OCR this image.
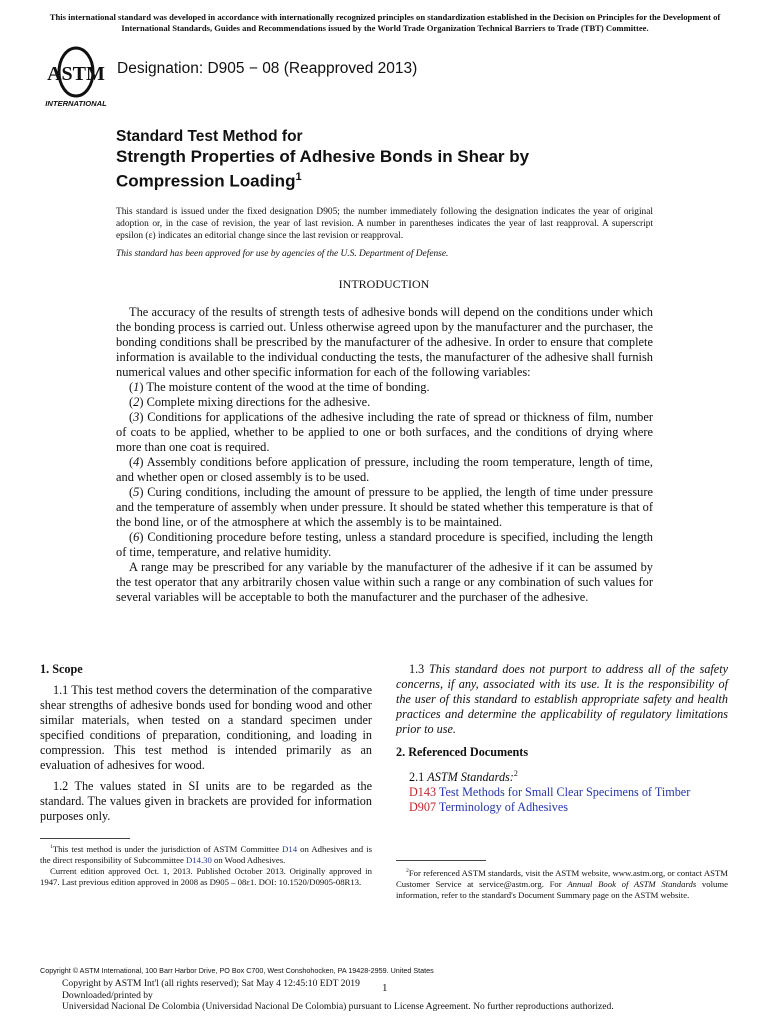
This international standard was developed in accordance with internationally recognized principles on standardization established in the Decision on Principles for the Development of International Standards, Guides and Recommendations issued by the World Trade Organization Technical Barriers to Trade (TBT) Committee.
ASTM
INTERNATIONAL
Designation: D905 − 08 (Reapproved 2013)
Standard Test Method for
Strength Properties of Adhesive Bonds in Shear by
Compression Loading$^1$
This standard is issued under the fixed designation D905; the number immediately following the designation indicates the year of original adoption or, in the case of revision, the year of last revision. A number in parentheses indicates the year of last reapproval. A superscript epsilon (ε) indicates an editorial change since the last revision or reapproval.
This standard has been approved for use by agencies of the U.S. Department of Defense.
INTRODUCTION

The accuracy of the results of strength tests of adhesive bonds will depend on the conditions under which the bonding process is carried out. Unless otherwise agreed upon by the manufacturer and the purchaser, the bonding conditions shall be prescribed by the manufacturer of the adhesive. In order to ensure that complete information is available to the individual conducting the tests, the manufacturer of the adhesive shall furnish numerical values and other specific information for each of the following variables:

(1) The moisture content of the wood at the time of bonding.

(2) Complete mixing directions for the adhesive.

(3) Conditions for applications of the adhesive including the rate of spread or thickness of film, number of coats to be applied, whether to be applied to one or both surfaces, and the conditions of drying where more than one coat is required.

(4) Assembly conditions before application of pressure, including the room temperature, length of time, and whether open or closed assembly is to be used.

(5) Curing conditions, including the amount of pressure to be applied, the length of time under pressure and the temperature of assembly when under pressure. It should be stated whether this temperature is that of the bond line, or of the atmosphere at which the assembly is to be maintained.

(6) Conditioning procedure before testing, unless a standard procedure is specified, including the length of time, temperature, and relative humidity.

A range may be prescribed for any variable by the manufacturer of the adhesive if it can be assumed by the test operator that any arbitrarily chosen value within such a range or any combination of such values for several variables will be acceptable to both the manufacturer and the purchaser of the adhesive.

1. Scope

1.1 This test method covers the determination of the comparative shear strengths of adhesive bonds used for bonding wood and other similar materials, when tested on a standard specimen under specified conditions of preparation, conditioning, and loading in compression. This test method is intended primarily as an evaluation of adhesives for wood.

1.2 The values stated in SI units are to be regarded as the standard. The values given in brackets are provided for information purposes only.

1.3 This standard does not purport to address all of the safety concerns, if any, associated with its use. It is the responsibility of the user of this standard to establish appropriate safety and health practices and determine the applicability of regulatory limitations prior to use.

2. Referenced Documents

2.1 ASTM Standards:$^2$

D143 Test Methods for Small Clear Specimens of Timber

D907 Terminology of Adhesives

$^1$This test method is under the jurisdiction of ASTM Committee D14 on Adhesives and is the direct responsibility of Subcommittee D14.30 on Wood Adhesives.

Current edition approved Oct. 1, 2013. Published October 2013. Originally approved in 1947. Last previous edition approved in 2008 as D905 – 08ε1. DOI: 10.1520/D0905-08R13.

$^2$For referenced ASTM standards, visit the ASTM website, www.astm.org, or contact ASTM Customer Service at service@astm.org. For Annual Book of ASTM Standards volume information, refer to the standard's Document Summary page on the ASTM website.

Copyright © ASTM International, 100 Barr Harbor Drive, PO Box C700, West Conshohocken, PA 19428-2959. United States
Copyright by ASTM Int'l (all rights reserved); Sat May 4 12:45:10 EDT 2019
Downloaded/printed by
Universidad Nacional De Colombia (Universidad Nacional De Colombia) pursuant to License Agreement. No further reproductions authorized.
1
